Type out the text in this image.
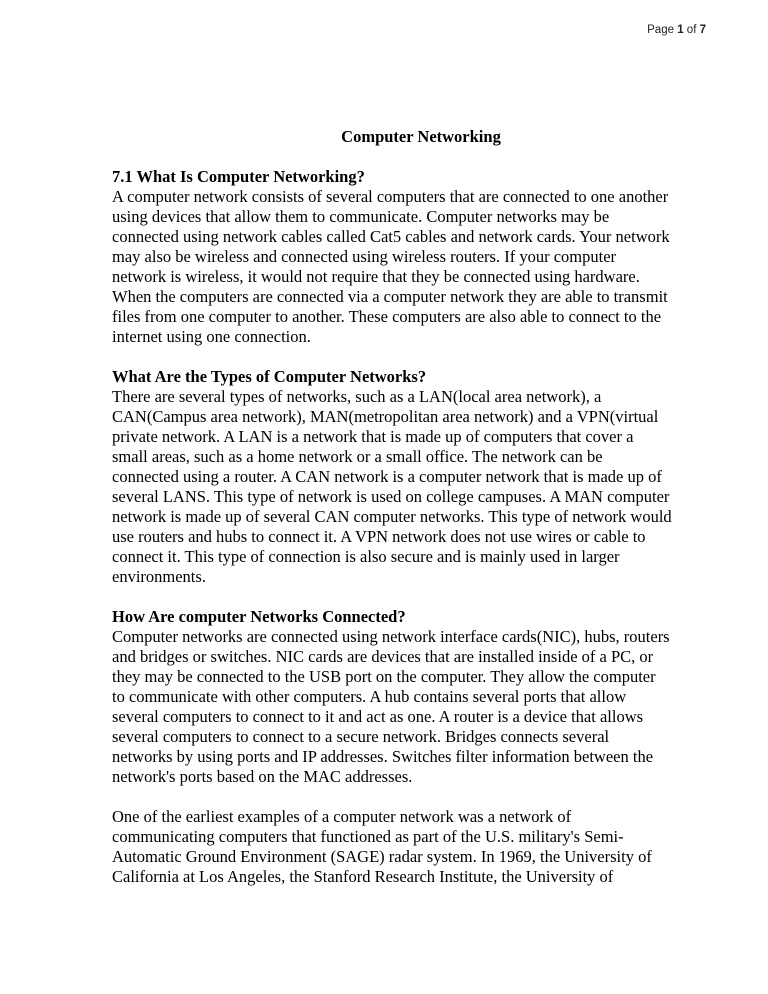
Page 1 of 7
Computer Networking
7.1 What Is Computer Networking?
A computer network consists of several computers that are connected to one another using devices that allow them to communicate. Computer networks may be connected using network cables called Cat5 cables and network cards. Your network may also be wireless and connected using wireless routers. If your computer network is wireless, it would not require that they be connected using hardware. When the computers are connected via a computer network they are able to transmit files from one computer to another. These computers are also able to connect to the internet using one connection.
What Are the Types of Computer Networks?
There are several types of networks, such as a LAN(local area network), a CAN(Campus area network), MAN(metropolitan area network) and a VPN(virtual private network. A LAN is a network that is made up of computers that cover a small areas, such as a home network or a small office. The network can be connected using a router. A CAN network is a computer network that is made up of several LANS. This type of network is used on college campuses. A MAN computer network is made up of several CAN computer networks. This type of network would use routers and hubs to connect it. A VPN network does not use wires or cable to connect it. This type of connection is also secure and is mainly used in larger environments.
How Are computer Networks Connected?
Computer networks are connected using network interface cards(NIC), hubs, routers and bridges or switches. NIC cards are devices that are installed inside of a PC, or they may be connected to the USB port on the computer. They allow the computer to communicate with other computers. A hub contains several ports that allow several computers to connect to it and act as one. A router is a device that allows several computers to connect to a secure network. Bridges connects several networks by using ports and IP addresses. Switches filter information between the network's ports based on the MAC addresses.
One of the earliest examples of a computer network was a network of communicating computers that functioned as part of the U.S. military's Semi-Automatic Ground Environment (SAGE) radar system. In 1969, the University of California at Los Angeles, the Stanford Research Institute, the University of
